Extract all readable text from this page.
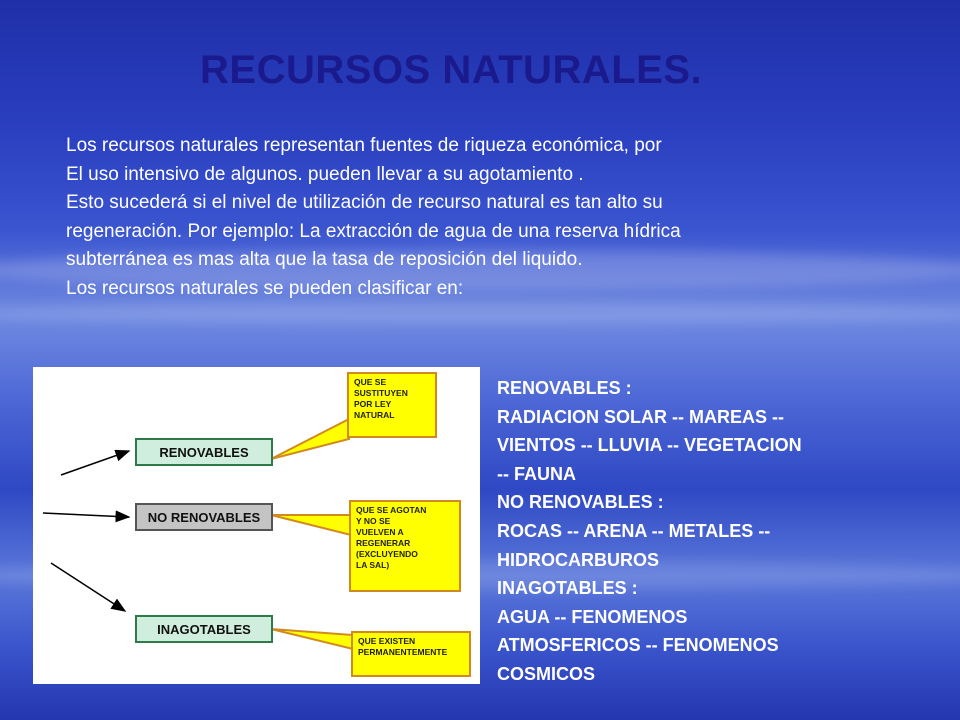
RECURSOS NATURALES.
Los recursos naturales representan fuentes de riqueza económica, por
El uso intensivo de algunos. pueden llevar a su agotamiento .
Esto sucederá si el nivel de utilización de recurso natural es tan alto su
regeneración. Por ejemplo: La extracción de agua de una reserva hídrica
subterránea es mas alta que la tasa de reposición del liquido.
Los recursos naturales se pueden clasificar en:
RENOVABLES
NO RENOVABLES
INAGOTABLES
QUE SE
SUSTITUYEN
POR LEY
NATURAL
QUE SE AGOTAN
Y NO SE
VUELVEN A
REGENERAR
(EXCLUYENDO
LA SAL)
QUE EXISTEN
PERMANENTEMENTE
RENOVABLES :
RADIACION SOLAR -- MAREAS --
VIENTOS -- LLUVIA -- VEGETACION
-- FAUNA
NO RENOVABLES :
ROCAS -- ARENA -- METALES --
HIDROCARBUROS
INAGOTABLES :
AGUA -- FENOMENOS
ATMOSFERICOS -- FENOMENOS
COSMICOS
